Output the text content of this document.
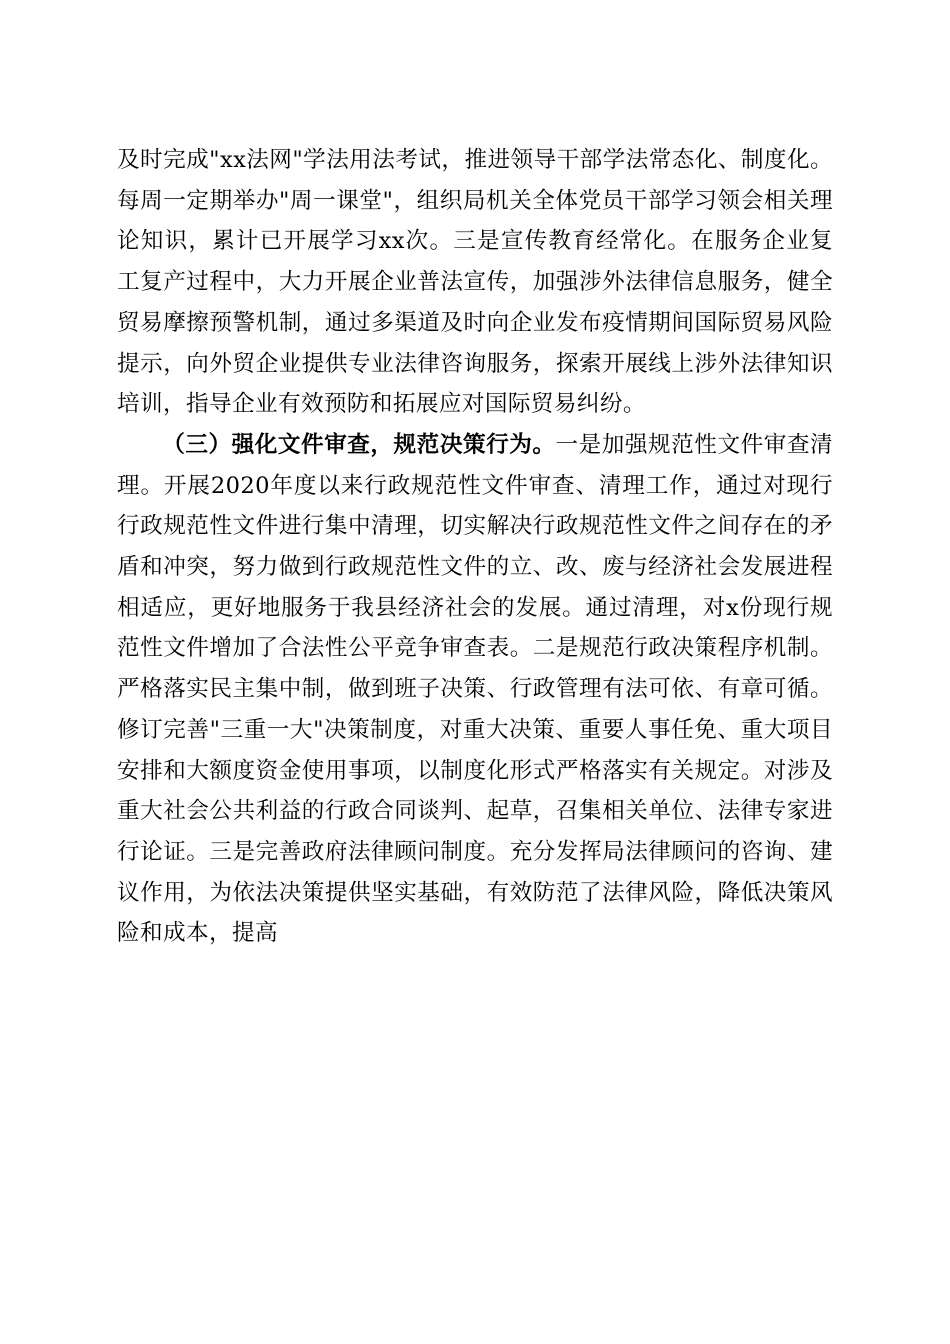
及时完成"xx法网"学法用法考试，推进领导干部学法常态化、制度化。每周一定期举办"周一课堂"，组织局机关全体党员干部学习领会相关理论知识，累计已开展学习xx次。三是宣传教育经常化。在服务企业复工复产过程中，大力开展企业普法宣传，加强涉外法律信息服务，健全贸易摩擦预警机制，通过多渠道及时向企业发布疫情期间国际贸易风险提示，向外贸企业提供专业法律咨询服务，探索开展线上涉外法律知识培训，指导企业有效预防和拓展应对国际贸易纠纷。

（三）强化文件审查，规范决策行为。一是加强规范性文件审查清理。开展2020年度以来行政规范性文件审查、清理工作，通过对现行行政规范性文件进行集中清理，切实解决行政规范性文件之间存在的矛盾和冲突，努力做到行政规范性文件的立、改、废与经济社会发展进程相适应，更好地服务于我县经济社会的发展。通过清理，对x份现行规范性文件增加了合法性公平竞争审查表。二是规范行政决策程序机制。严格落实民主集中制，做到班子决策、行政管理有法可依、有章可循。修订完善"三重一大"决策制度，对重大决策、重要人事任免、重大项目安排和大额度资金使用事项，以制度化形式严格落实有关规定。对涉及重大社会公共利益的行政合同谈判、起草，召集相关单位、法律专家进行论证。三是完善政府法律顾问制度。充分发挥局法律顾问的咨询、建议作用，为依法决策提供坚实基础，有效防范了法律风险，降低决策风险和成本，提高
